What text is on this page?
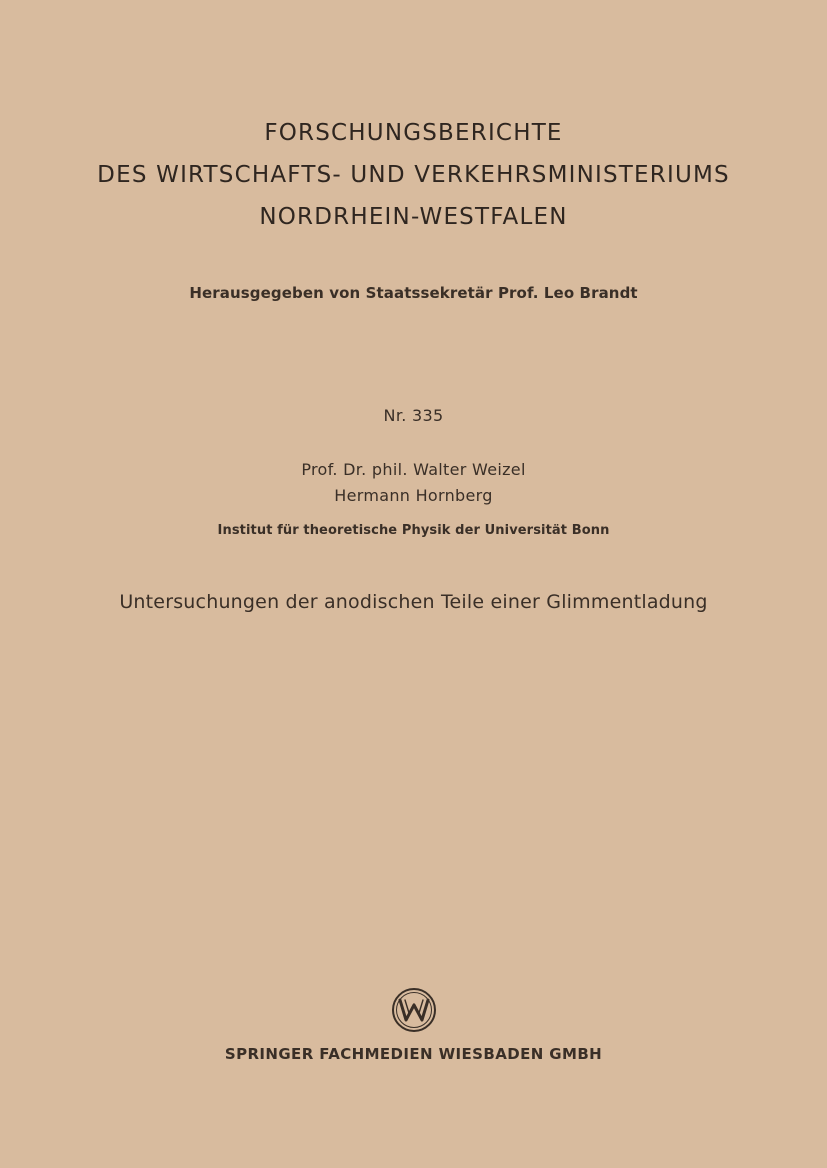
FORSCHUNGSBERICHTE
DES WIRTSCHAFTS- UND VERKEHRSMINISTERIUMS
NORDRHEIN-WESTFALEN
Herausgegeben von Staatssekretär Prof. Leo Brandt
Nr. 335
Prof. Dr. phil. Walter Weizel
Hermann Hornberg
Institut für theoretische Physik der Universität Bonn
Untersuchungen der anodischen Teile einer Glimmentladung
SPRINGER FACHMEDIEN WIESBADEN GMBH
